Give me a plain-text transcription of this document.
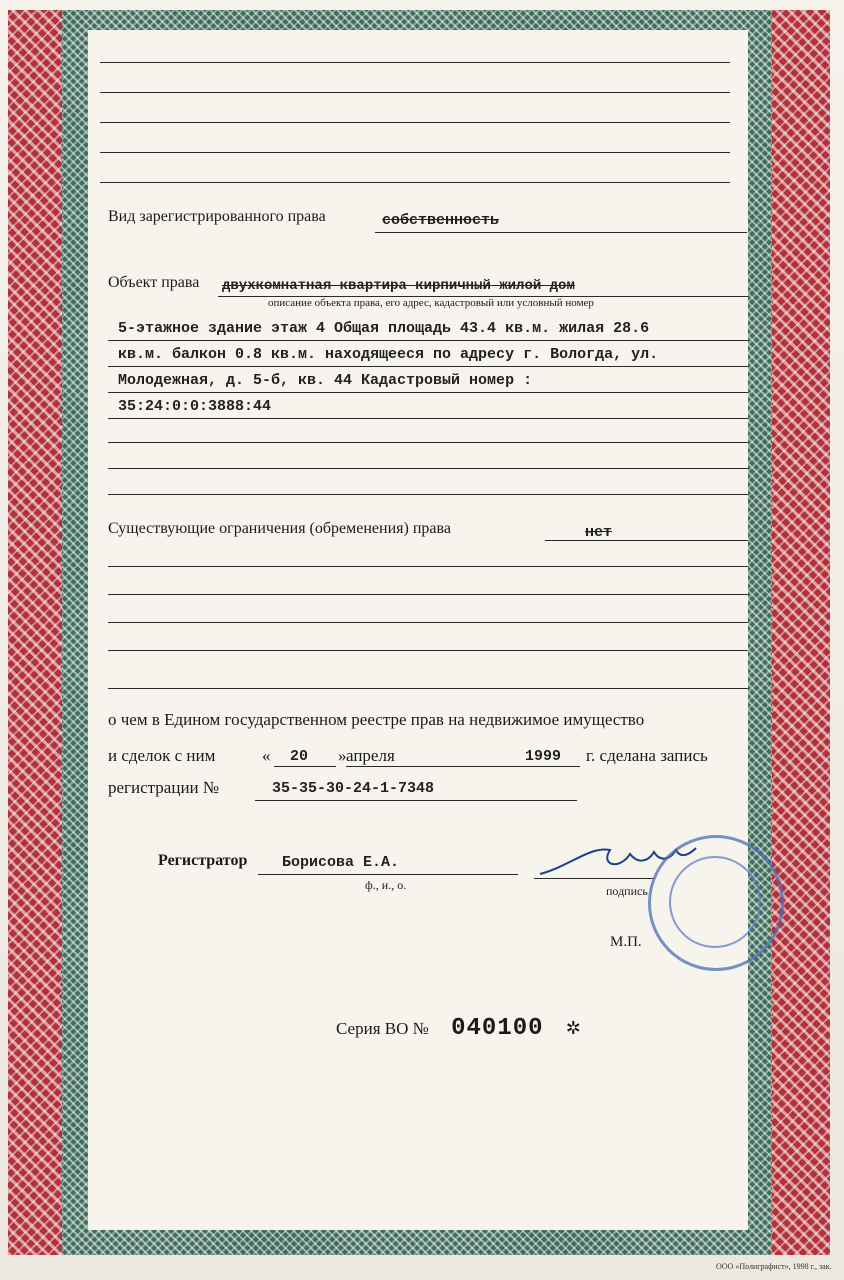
Вид зарегистрированного права	собственность
Объект права двухкомнатная квартира кирпичный жилой дом
описание объекта права, его адрес, кадастровый или условный номер
5-этажное здание этаж 4 Общая площадь 43.4 кв.м. жилая 28.6
кв.м. балкон 0.8 кв.м. находящееся по адресу г. Вологда, ул.
Молодежная, д. 5-б, кв. 44 Кадастровый номер :
35:24:0:0:3888:44
Существующие ограничения (обременения) права	нет
о чем в Едином государственном реестре прав на недвижимое имущество
и сделок с ним	« 20 » апреля	1999 г. сделана запись
регистрации №	35-35-30-24-1-7348
Регистратор Борисова Е.А.
ф., и., о.	подпись
М.П.
Серия ВО № 040100 ✲
ООО «Полиграфист», 1998 г., зак.
